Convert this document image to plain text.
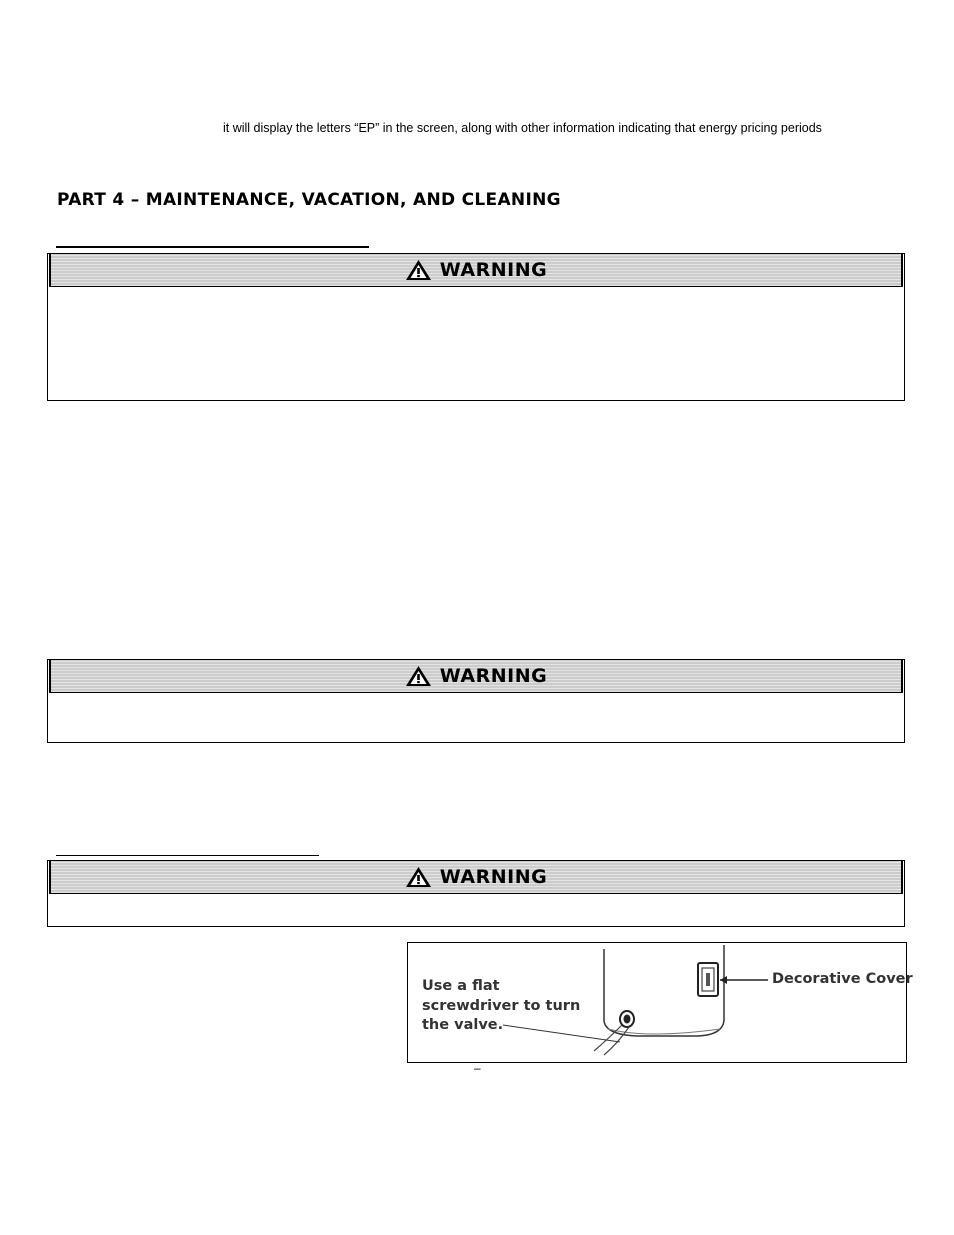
it will display the letters “EP” in the screen, along with other information indicating that energy pricing periods
PART 4 – MAINTENANCE, VACATION, AND CLEANING
WARNING
WARNING
WARNING
Use a flat
screwdriver to turn
the valve.
Decorative Cover
–
